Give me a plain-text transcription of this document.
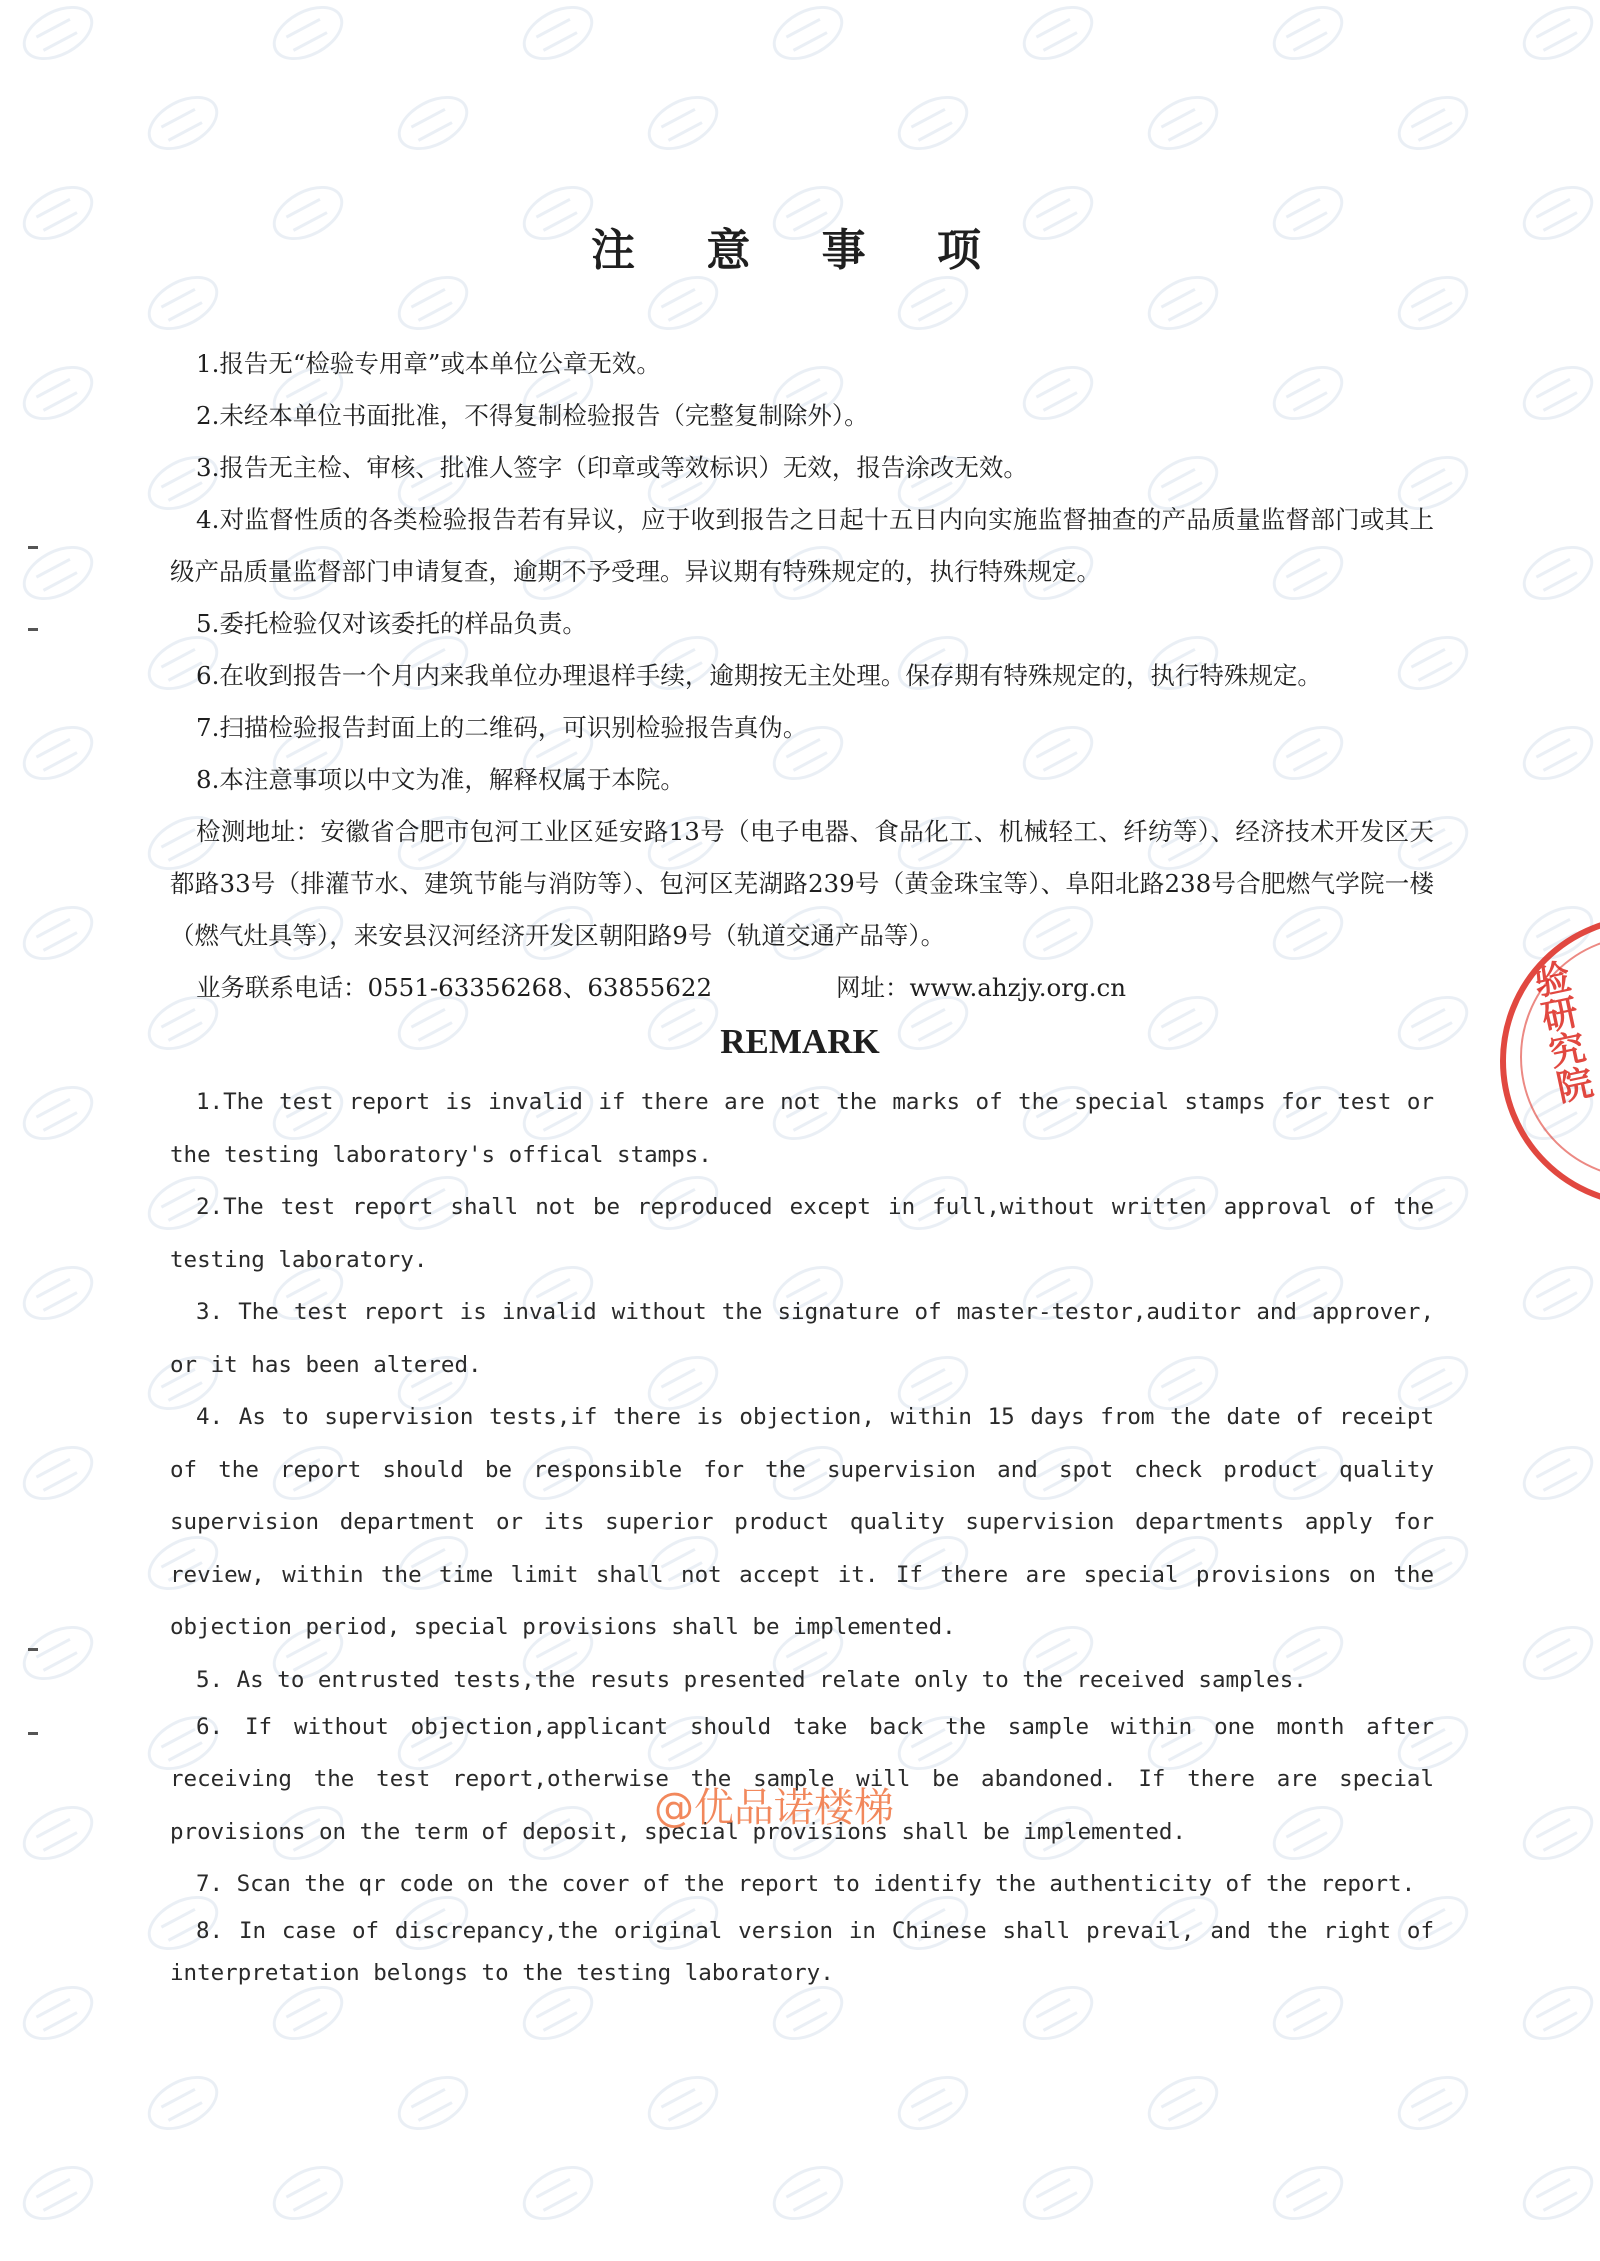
注 意 事 项

1.报告无“检验专用章”或本单位公章无效。

2.未经本单位书面批准，不得复制检验报告（完整复制除外）。

3.报告无主检、审核、批准人签字（印章或等效标识）无效，报告涂改无效。

4.对监督性质的各类检验报告若有异议，应于收到报告之日起十五日内向实施监督抽查的产品质量监督部门或其上级产品质量监督部门申请复查，逾期不予受理。异议期有特殊规定的，执行特殊规定。

5.委托检验仅对该委托的样品负责。

6.在收到报告一个月内来我单位办理退样手续，逾期按无主处理。保存期有特殊规定的，执行特殊规定。

7.扫描检验报告封面上的二维码，可识别检验报告真伪。

8.本注意事项以中文为准，解释权属于本院。

检测地址：安徽省合肥市包河工业区延安路13号（电子电器、食品化工、机械轻工、纤纺等）、经济技术开发区天都路33号（排灌节水、建筑节能与消防等）、包河区芜湖路239号（黄金珠宝等）、阜阳北路238号合肥燃气学院一楼（燃气灶具等），来安县汉河经济开发区朝阳路9号（轨道交通产品等）。

业务联系电话：0551-63356268、63855622	网址：www.ahzjy.org.cn
REMARK

1.The test report is invalid if there are not the marks of the special stamps for test or the testing laboratory's offical stamps.

2.The test report shall not be reproduced except in full,without written approval of the testing laboratory.

3. The test report is invalid without the signature of master-testor,auditor and approver, or it has been altered.

4. As to supervision tests,if there is objection, within 15 days from the date of receipt of the report should be responsible for the supervision and spot check product quality supervision department or its superior product quality supervision departments apply for review, within the time limit shall not accept it. If there are special provisions on the objection period, special provisions shall be implemented.

5. As to entrusted tests,the resuts presented relate only to the received samples.

6. If without objection,applicant should take back the sample within one month after receiving the test report,otherwise the sample will be abandoned. If there are special provisions on the term of deposit, special provisions shall be implemented.

7. Scan the qr code on the cover of the report to identify the authenticity of the report.

8. In case of discrepancy,the original version in Chinese shall prevail, and the right of interpretation belongs to the testing laboratory.

验研究院
@优品诺楼梯
